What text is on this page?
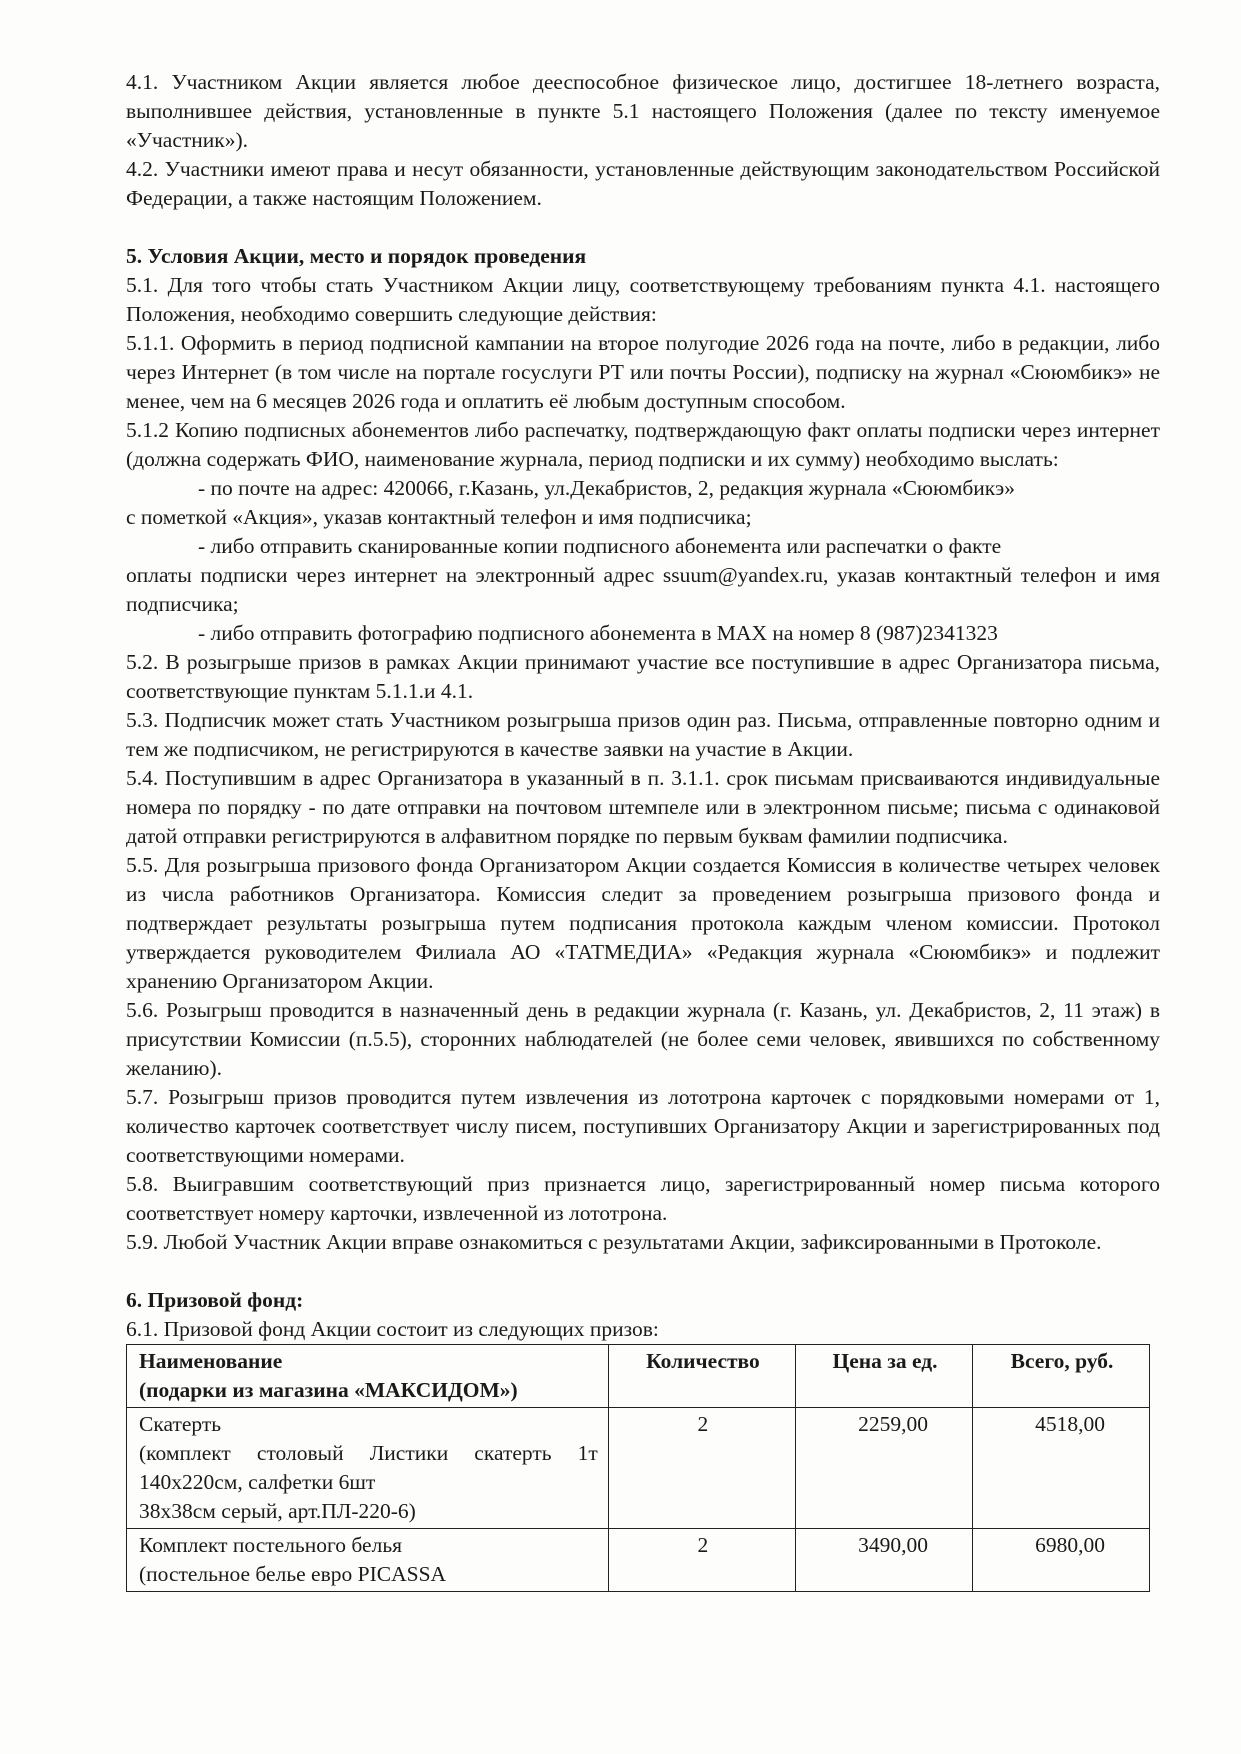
4.1. Участником Акции является любое дееспособное физическое лицо, достигшее 18-летнего возраста, выполнившее действия, установленные в пункте 5.1 настоящего Положения (далее по тексту именуемое «Участник»).

4.2. Участники имеют права и несут обязанности, установленные действующим законодательством Российской Федерации, а также настоящим Положением.

5. Условия Акции, место и порядок проведения

5.1. Для того чтобы стать Участником Акции лицу, соответствующему требованиям пункта 4.1. настоящего Положения, необходимо совершить следующие действия:

5.1.1. Оформить в период подписной кампании на второе полугодие 2026 года на почте, либо в редакции, либо через Интернет (в том числе на портале госуслуги РТ или почты России), подписку на журнал «Сююмбикэ» не менее, чем на 6 месяцев 2026 года и оплатить её любым доступным способом.

5.1.2 Копию подписных абонементов либо распечатку, подтверждающую факт оплаты подписки через интернет (должна содержать ФИО, наименование журнала, период подписки и их сумму) необходимо выслать:

- по почте на адрес: 420066, г.Казань, ул.Декабристов, 2, редакция журнала «Сююмбикэ»

с пометкой «Акция», указав контактный телефон и имя подписчика;

- либо отправить сканированные копии подписного абонемента или распечатки о факте

оплаты подписки через интернет на электронный адрес ssuum@yandex.ru, указав контактный телефон и имя подписчика;

- либо отправить фотографию подписного абонемента в MAX на номер 8 (987)2341323

5.2. В розыгрыше призов в рамках Акции принимают участие все поступившие в адрес Организатора письма, соответствующие пунктам 5.1.1.и 4.1.

5.3. Подписчик может стать Участником розыгрыша призов один раз. Письма, отправленные повторно одним и тем же подписчиком, не регистрируются в качестве заявки на участие в Акции.

5.4. Поступившим в адрес Организатора в указанный в п. 3.1.1. срок письмам присваиваются индивидуальные номера по порядку - по дате отправки на почтовом штемпеле или в электронном письме; письма с одинаковой датой отправки регистрируются в алфавитном порядке по первым буквам фамилии подписчика.

5.5. Для розыгрыша призового фонда Организатором Акции создается Комиссия в количестве четырех человек из числа работников Организатора. Комиссия следит за проведением розыгрыша призового фонда и подтверждает результаты розыгрыша путем подписания протокола каждым членом комиссии. Протокол утверждается руководителем Филиала АО «ТАТМЕДИА» «Редакция журнала «Сююмбикэ» и подлежит хранению Организатором Акции.

5.6. Розыгрыш проводится в назначенный день в редакции журнала (г. Казань, ул. Декабристов, 2, 11 этаж) в присутствии Комиссии (п.5.5), сторонних наблюдателей (не более семи человек, явившихся по собственному желанию).

5.7. Розыгрыш призов проводится путем извлечения из лототрона карточек с порядковыми номерами от 1, количество карточек соответствует числу писем, поступивших Организатору Акции и зарегистрированных под соответствующими номерами.

5.8. Выигравшим соответствующий приз признается лицо, зарегистрированный номер письма которого соответствует номеру карточки, извлеченной из лототрона.

5.9. Любой Участник Акции вправе ознакомиться с результатами Акции, зафиксированными в Протоколе.

6. Призовой фонд:

6.1. Призовой фонд Акции состоит из следующих призов:

Наименование
(подарки из магазина «МАКСИДОМ»)	Количество	Цена за ед.	Всего, руб.

Скатерть
(комплект столовый Листики скатерть 1т 140х220см, салфетки 6шт
38х38см серый, арт.ПЛ-220-6)	2	2259,00	4518,00

Комплект постельного белья
(постельное белье евро PICASSA	2	3490,00	6980,00
